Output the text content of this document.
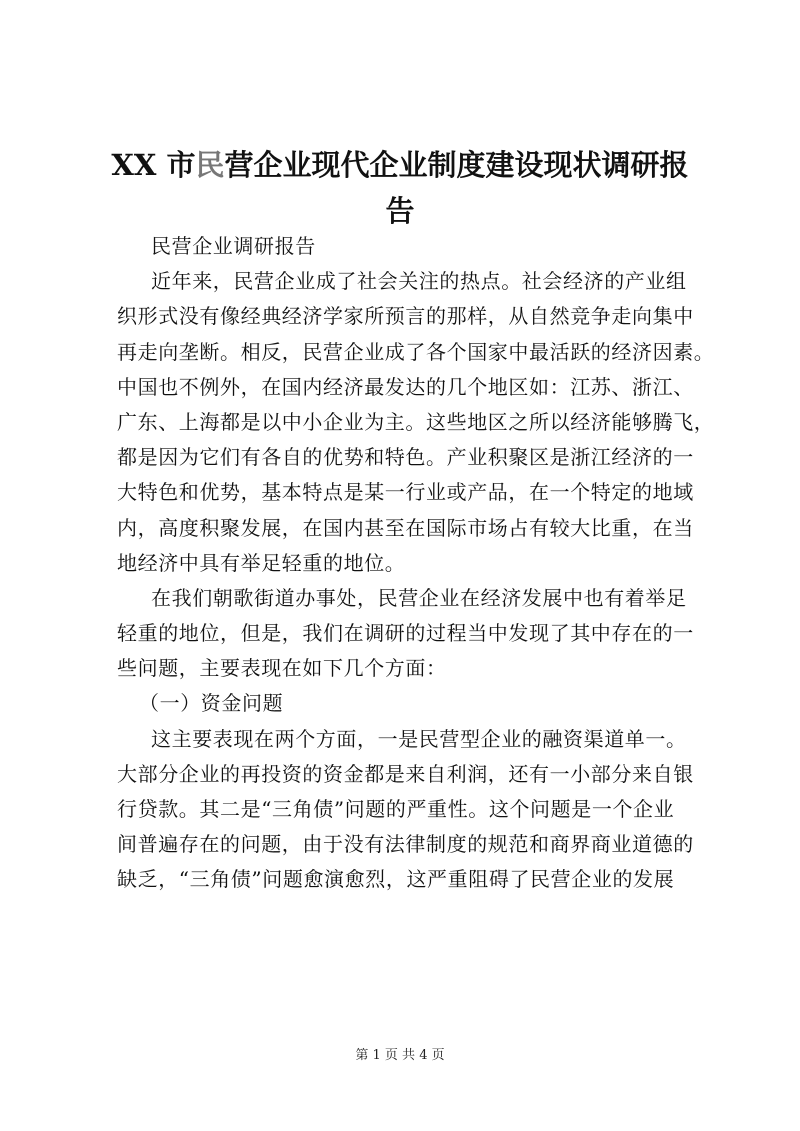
XX 市民营企业现代企业制度建设现状调研报
告
民营企业调研报告
近年来，民营企业成了社会关注的热点。社会经济的产业组
织形式没有像经典经济学家所预言的那样，从自然竞争走向集中
再走向垄断。相反，民营企业成了各个国家中最活跃的经济因素。
中国也不例外，在国内经济最发达的几个地区如：江苏、浙江、
广东、上海都是以中小企业为主。这些地区之所以经济能够腾飞，
都是因为它们有各自的优势和特色。产业积聚区是浙江经济的一
大特色和优势，基本特点是某一行业或产品，在一个特定的地域
内，高度积聚发展，在国内甚至在国际市场占有较大比重，在当
地经济中具有举足轻重的地位。
在我们朝歌街道办事处，民营企业在经济发展中也有着举足
轻重的地位，但是，我们在调研的过程当中发现了其中存在的一
些问题，主要表现在如下几个方面：
（一）资金问题
这主要表现在两个方面，一是民营型企业的融资渠道单一。
大部分企业的再投资的资金都是来自利润，还有一小部分来自银
行贷款。其二是“三角债”问题的严重性。这个问题是一个企业
间普遍存在的问题，由于没有法律制度的规范和商界商业道德的
缺乏，“三角债”问题愈演愈烈，这严重阻碍了民营企业的发展
第 1 页 共 4 页
